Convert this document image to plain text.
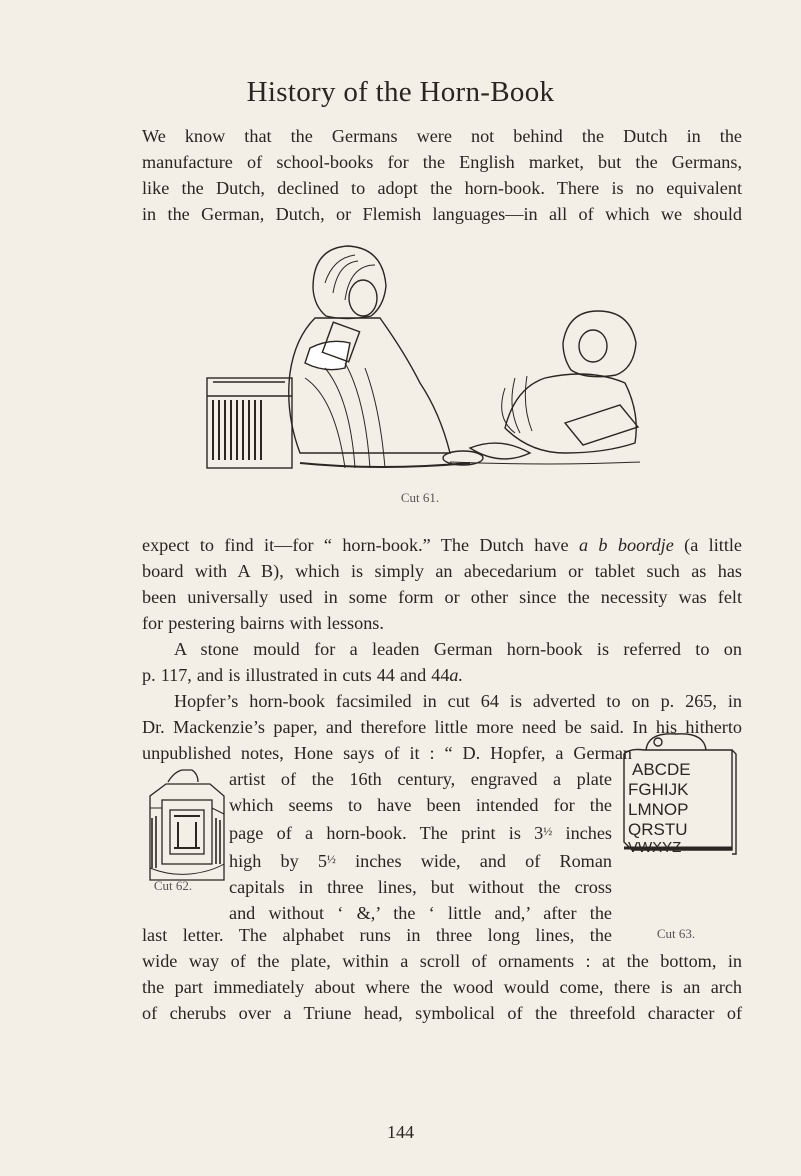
History of the Horn-Book
We know that the Germans were not behind the Dutch in the
manufacture of school-books for the English market, but the Germans,
like the Dutch, declined to adopt the horn-book. There is no equivalent
in the German, Dutch, or Flemish languages—in all of which we should
Cut 61.
expect to find it—for “ horn-book.” The Dutch have a b boordje (a little
board with A B), which is simply an abecedarium or tablet such as has
been universally used in some form or other since the necessity was felt
for pestering bairns with lessons.
A stone mould for a leaden German horn-book is referred to on
p. 117, and is illustrated in cuts 44 and 44a.
Hopfer’s horn-book facsimiled in cut 64 is adverted to on p. 265, in
Dr. Mackenzie’s paper, and therefore little more need be said. In his hitherto
unpublished notes, Hone says of it : “ D. Hopfer, a German
artist of the 16th century, engraved a plate
which seems to have been intended for the
page of a horn-book. The print is $3^{\frac{1}{2}}$ inches
high by $5^{\frac{1}{2}}$ inches wide, and of Roman
capitals in three lines, but without the cross
and without ‘ &,’ the ‘ little and,’ after the
last letter. The alphabet runs in three long lines, the
wide way of the plate, within a scroll of ornaments : at the bottom, in
the part immediately about where the wood would come, there is an arch
of cherubs over a Triune head, symbolical of the threefold character of
Cut 62.
ABCDE
FGHIJK
LMNOP
QRSTU
VWXYZ
Cut 63.
144
